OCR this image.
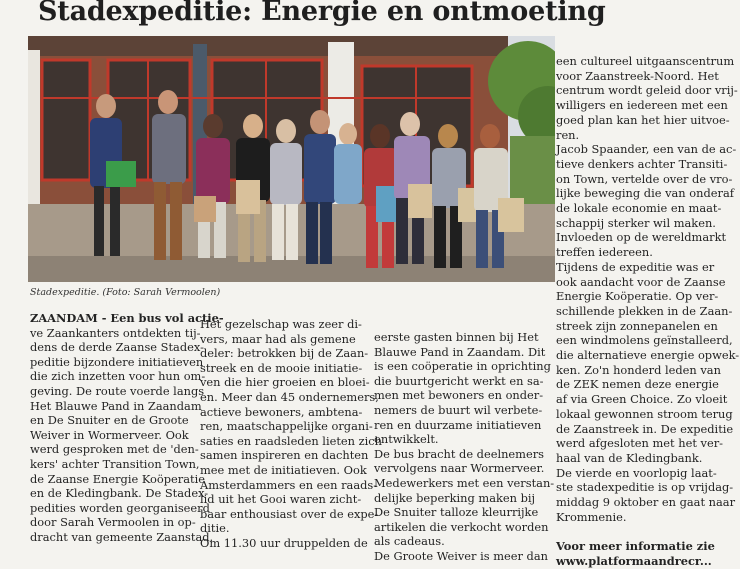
Stadexpeditie: Energie en ontmoeting
Stadexpeditie. (Foto: Sarah Vermoolen)

ZAANDAM - Een bus vol actie-

ve Zaankanters ontdekten tij-

dens de derde Zaanse Stadex-

peditie bijzondere initiatieven

die zich inzetten voor hun om-

geving. De route voerde langs

Het Blauwe Pand in Zaandam

en De Snuiter en de Groote

Weiver in Wormerveer. Ook

werd gesproken met de 'den-

kers' achter Transition Town,

de Zaanse Energie Koöperatie

en de Kledingbank. De Stadex-

pedities worden georganiseerd

door Sarah Vermoolen in op-

dracht van gemeente Zaanstad.

Het gezelschap was zeer di-

vers, maar had als gemene

deler: betrokken bij de Zaan-

streek en de mooie initiatie-

ven die hier groeien en bloei-

en. Meer dan 45 ondernemers,

actieve bewoners, ambtena-

ren, maatschappelijke organi-

saties en raadsleden lieten zich

samen inspireren en dachten

mee met de initiatieven. Ook

Amsterdammers en een raads-

lid uit het Gooi waren zicht-

baar enthousiast over de expe-

ditie.

Om 11.30 uur druppelden de

eerste gasten binnen bij Het

Blauwe Pand in Zaandam. Dit

is een coöperatie in oprichting

die buurtgericht werkt en sa-

men met bewoners en onder-

nemers de buurt wil verbete-

ren en duurzame initiatieven

ontwikkelt.

De bus bracht de deelnemers

vervolgens naar Wormerveer.

Medewerkers met een verstan-

delijke beperking maken bij

De Snuiter talloze kleurrijke

artikelen die verkocht worden

als cadeaus.

De Groote Weiver is meer dan

een cultureel uitgaanscentrum

voor Zaanstreek-Noord. Het

centrum wordt geleid door vrij-

willigers en iedereen met een

goed plan kan het hier uitvoe-

ren.

Jacob Spaander, een van de ac-

tieve denkers achter Transiti-

on Town, vertelde over de vro-

lijke beweging die van onderaf

de lokale economie en maat-

schappij sterker wil maken.

Invloeden op de wereldmarkt

treffen iedereen.

Tijdens de expeditie was er

ook aandacht voor de Zaanse

Energie Koöperatie. Op ver-

schillende plekken in de Zaan-

streek zijn zonnepanelen en

een windmolens geïnstalleerd,

die alternatieve energie opwek-

ken. Zo'n honderd leden van

de ZEK nemen deze energie

af via Green Choice. Zo vloeit

lokaal gewonnen stroom terug

de Zaanstreek in. De expeditie

werd afgesloten met het ver-

haal van de Kledingbank.

De vierde en voorlopig laat-

ste stadexpeditie is op vrijdag-

middag 9 oktober en gaat naar

Krommenie.

Voor meer informatie zie

www.platformaandrecr...
